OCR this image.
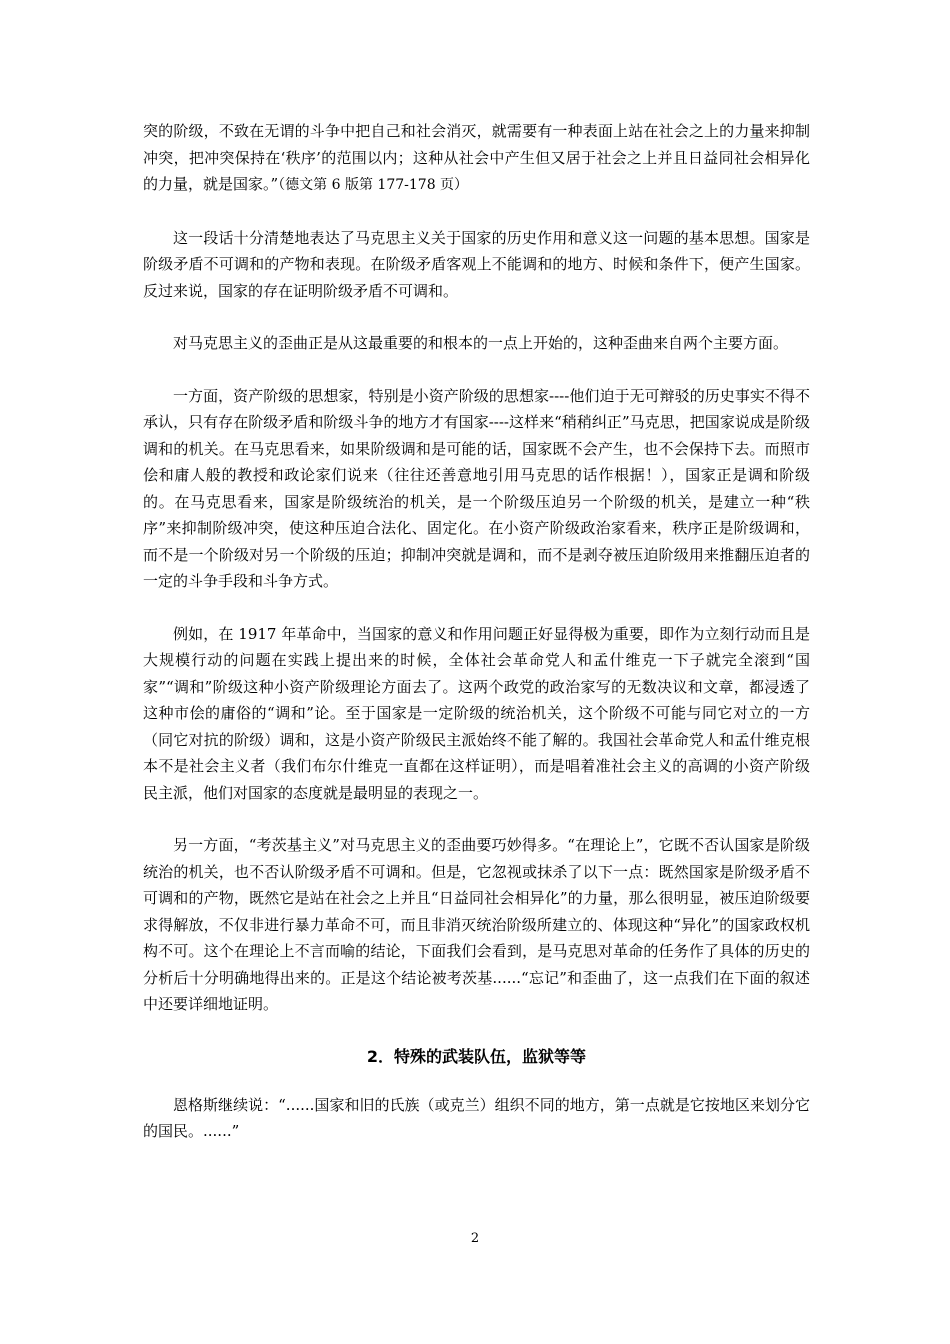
突的阶级，不致在无谓的斗争中把自己和社会消灭，就需要有一种表面上站在社会之上的力量来抑制冲突，把冲突保持在‘秩序’的范围以内；这种从社会中产生但又居于社会之上并且日益同社会相异化的力量，就是国家。”（德文第 6 版第 177-178 页）

这一段话十分清楚地表达了马克思主义关于国家的历史作用和意义这一问题的基本思想。国家是阶级矛盾不可调和的产物和表现。在阶级矛盾客观上不能调和的地方、时候和条件下，便产生国家。反过来说，国家的存在证明阶级矛盾不可调和。

对马克思主义的歪曲正是从这最重要的和根本的一点上开始的，这种歪曲来自两个主要方面。

一方面，资产阶级的思想家，特别是小资产阶级的思想家----他们迫于无可辩驳的历史事实不得不承认，只有存在阶级矛盾和阶级斗争的地方才有国家----这样来“稍稍纠正”马克思，把国家说成是阶级调和的机关。在马克思看来，如果阶级调和是可能的话，国家既不会产生，也不会保持下去。而照市侩和庸人般的教授和政论家们说来（往往还善意地引用马克思的话作根据！），国家正是调和阶级的。在马克思看来，国家是阶级统治的机关，是一个阶级压迫另一个阶级的机关，是建立一种“秩序”来抑制阶级冲突，使这种压迫合法化、固定化。在小资产阶级政治家看来，秩序正是阶级调和，而不是一个阶级对另一个阶级的压迫；抑制冲突就是调和，而不是剥夺被压迫阶级用来推翻压迫者的一定的斗争手段和斗争方式。

例如，在 1917 年革命中，当国家的意义和作用问题正好显得极为重要，即作为立刻行动而且是大规模行动的问题在实践上提出来的时候，全体社会革命党人和孟什维克一下子就完全滚到“国家”“调和”阶级这种小资产阶级理论方面去了。这两个政党的政治家写的无数决议和文章，都浸透了这种市侩的庸俗的“调和”论。至于国家是一定阶级的统治机关，这个阶级不可能与同它对立的一方（同它对抗的阶级）调和，这是小资产阶级民主派始终不能了解的。我国社会革命党人和孟什维克根本不是社会主义者（我们布尔什维克一直都在这样证明），而是唱着准社会主义的高调的小资产阶级民主派，他们对国家的态度就是最明显的表现之一。

另一方面，“考茨基主义”对马克思主义的歪曲要巧妙得多。“在理论上”，它既不否认国家是阶级统治的机关，也不否认阶级矛盾不可调和。但是，它忽视或抹杀了以下一点：既然国家是阶级矛盾不可调和的产物，既然它是站在社会之上并且“日益同社会相异化”的力量，那么很明显，被压迫阶级要求得解放，不仅非进行暴力革命不可，而且非消灭统治阶级所建立的、体现这种“异化”的国家政权机构不可。这个在理论上不言而喻的结论，下面我们会看到，是马克思对革命的任务作了具体的历史的分析后十分明确地得出来的。正是这个结论被考茨基......“忘记”和歪曲了，这一点我们在下面的叙述中还要详细地证明。

2．特殊的武装队伍，监狱等等

恩格斯继续说：“......国家和旧的氏族（或克兰）组织不同的地方，第一点就是它按地区来划分它的国民。......”

2
